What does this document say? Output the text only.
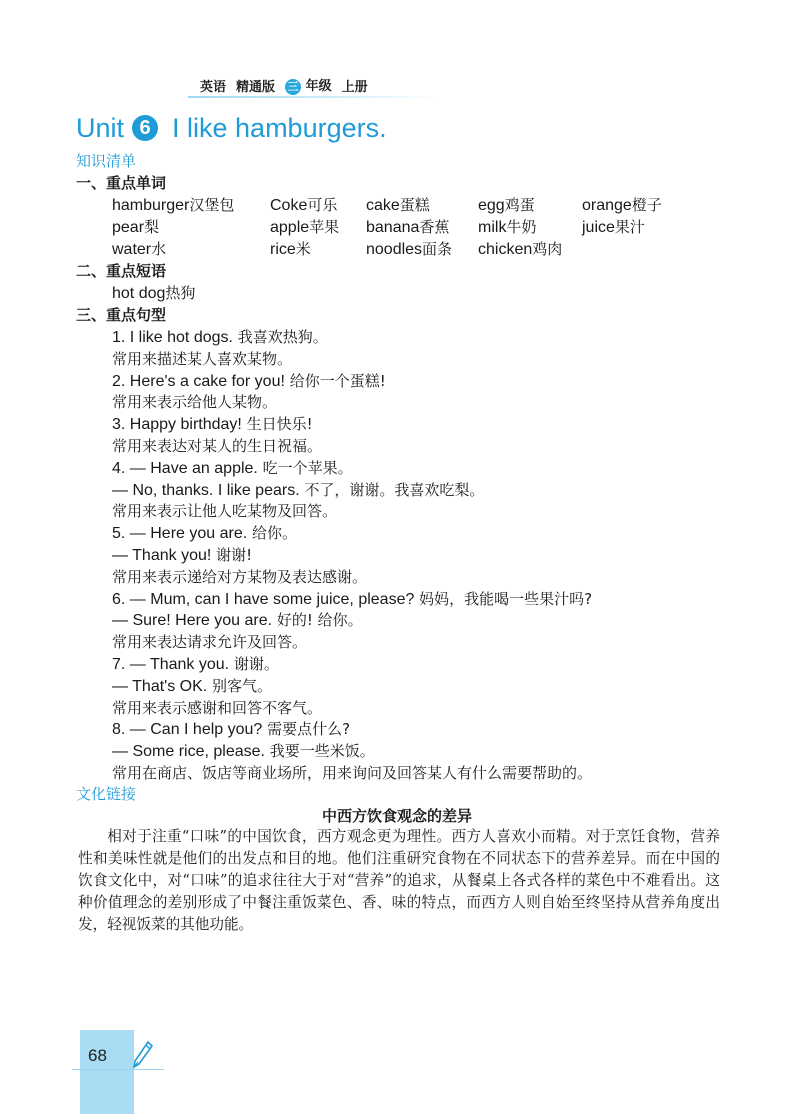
英语 精通版 三 年级 上册
Unit 6 I like hamburgers.
知识清单
一、重点单词
hamburger汉堡包 Coke可乐 cake蛋糕	egg鸡蛋	orange橙子
pear梨	apple苹果 banana香蕉 milk牛奶	juice果汁
water水	rice米	noodles面条 chicken鸡肉
二、重点短语
hot dog热狗
三、重点句型
1. I like hot dogs. 我喜欢热狗。
常用来描述某人喜欢某物。
2. Here's a cake for you! 给你一个蛋糕!
常用来表示给他人某物。
3. Happy birthday! 生日快乐!
常用来表达对某人的生日祝福。
4. — Have an apple. 吃一个苹果。
— No, thanks. I like pears. 不了，谢谢。我喜欢吃梨。
常用来表示让他人吃某物及回答。
5. — Here you are. 给你。
— Thank you! 谢谢!
常用来表示递给对方某物及表达感谢。
6. — Mum, can I have some juice, please? 妈妈，我能喝一些果汁吗?
— Sure! Here you are. 好的! 给你。
常用来表达请求允许及回答。
7. — Thank you. 谢谢。
— That's OK. 别客气。
常用来表示感谢和回答不客气。
8. — Can I help you? 需要点什么?
— Some rice, please. 我要一些米饭。
常用在商店、饭店等商业场所，用来询问及回答某人有什么需要帮助的。
文化链接
中西方饮食观念的差异

相对于注重“口味”的中国饮食，西方观念更为理性。西方人喜欢小而精。对于烹饪食物，营养性和美味性就是他们的出发点和目的地。他们注重研究食物在不同状态下的营养差异。而在中国的饮食文化中，对“口味”的追求往往大于对“营养”的追求，从餐桌上各式各样的菜色中不难看出。这种价值理念的差别形成了中餐注重饭菜色、香、味的特点，而西方人则自始至终坚持从营养角度出发，轻视饭菜的其他功能。

68
